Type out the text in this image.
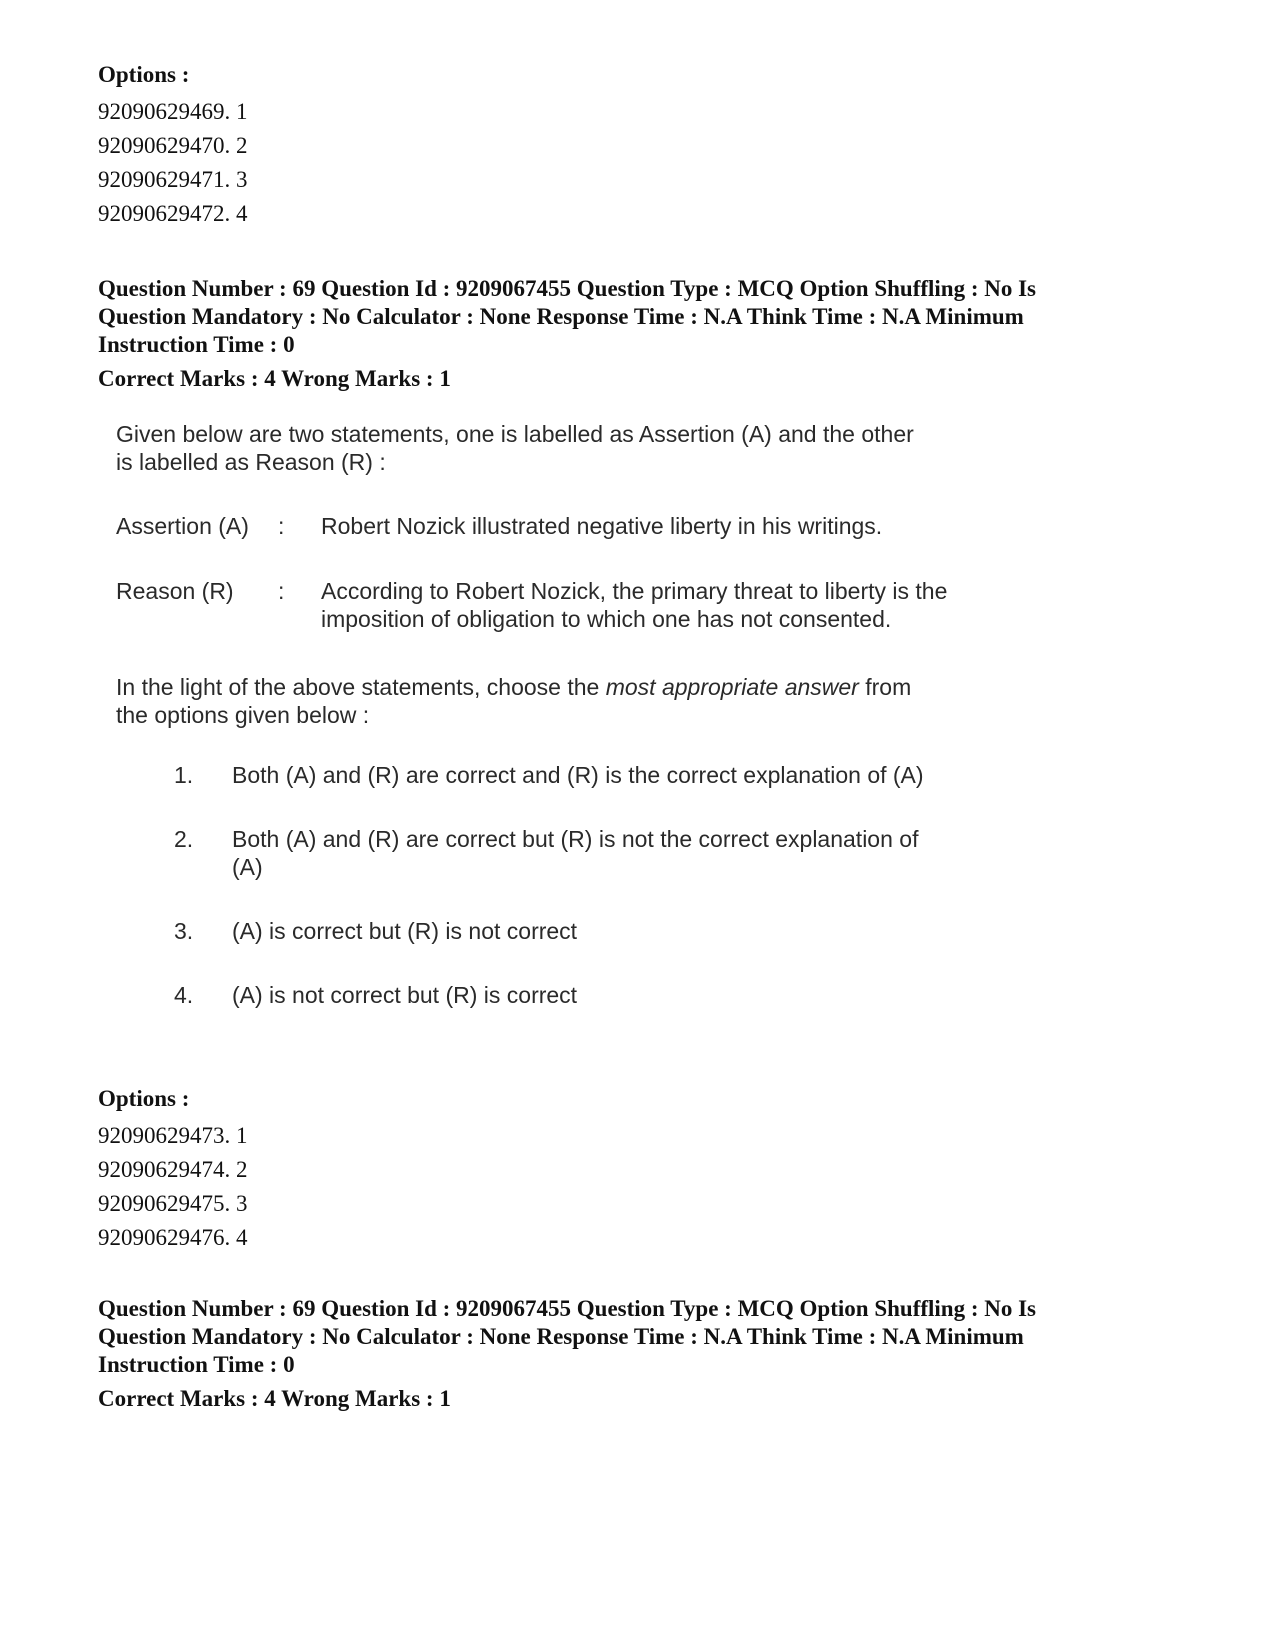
Options :
92090629469. 1
92090629470. 2
92090629471. 3
92090629472. 4
Question Number : 69 Question Id : 9209067455 Question Type : MCQ Option Shuffling : No Is
Question Mandatory : No Calculator : None Response Time : N.A Think Time : N.A Minimum
Instruction Time : 0
Correct Marks : 4 Wrong Marks : 1
Given below are two statements, one is labelled as Assertion (A) and the other
is labelled as Reason (R) :
Assertion (A)	: Robert Nozick illustrated negative liberty in his writings.
Reason (R)	: According to Robert Nozick, the primary threat to liberty is the
imposition of obligation to which one has not consented.
In the light of the above statements, choose the most appropriate answer from
the options given below :
1.	Both (A) and (R) are correct and (R) is the correct explanation of (A)
2.	Both (A) and (R) are correct but (R) is not the correct explanation of
(A)
3.	(A) is correct but (R) is not correct
4.	(A) is not correct but (R) is correct
Options :
92090629473. 1
92090629474. 2
92090629475. 3
92090629476. 4
Question Number : 69 Question Id : 9209067455 Question Type : MCQ Option Shuffling : No Is
Question Mandatory : No Calculator : None Response Time : N.A Think Time : N.A Minimum
Instruction Time : 0
Correct Marks : 4 Wrong Marks : 1
